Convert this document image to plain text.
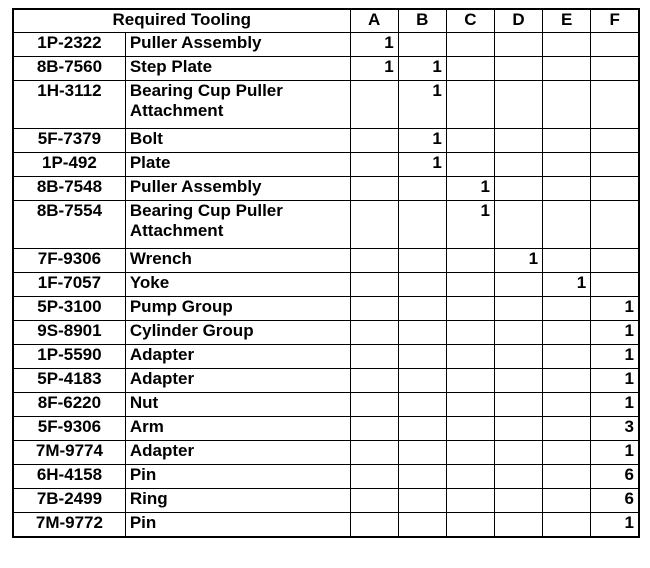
Required Tooling		A	B	C	D	E	F
1P-2322	Puller Assembly	1					
8B-7560	Step Plate	1	1				
1H-3112	Bearing Cup Puller
Attachment		1				
5F-7379	Bolt		1				
1P-492	Plate		1				
8B-7548	Puller Assembly			1			
8B-7554	Bearing Cup Puller
Attachment			1			
7F-9306	Wrench				1		
1F-7057	Yoke					1	
5P-3100	Pump Group						1
9S-8901	Cylinder Group						1
1P-5590	Adapter						1
5P-4183	Adapter						1
8F-6220	Nut						1
5F-9306	Arm						3
7M-9774	Adapter						1
6H-4158	Pin						6
7B-2499	Ring						6
7M-9772	Pin						1
